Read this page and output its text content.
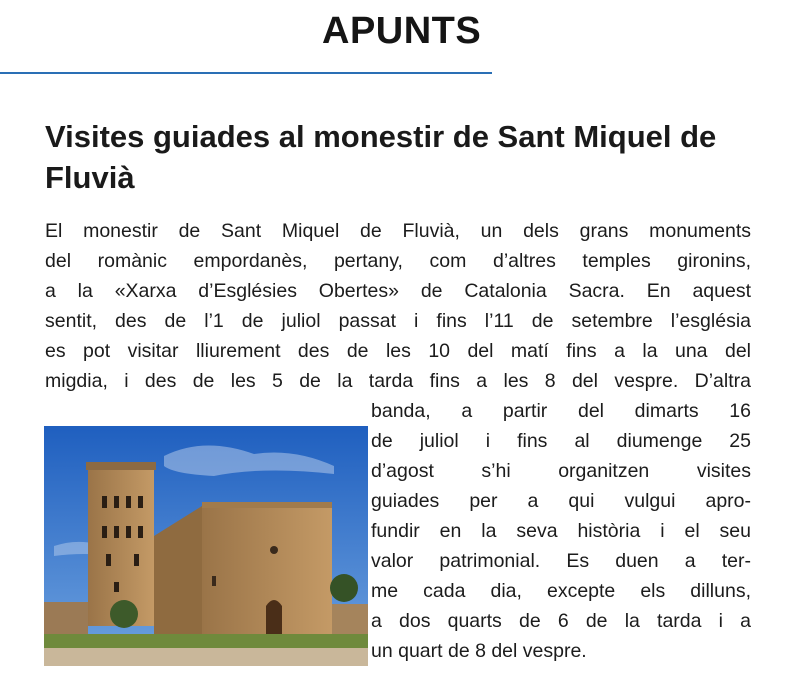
APUNTS
Visites guiades al monestir de Sant Miquel de Fluvià

El monestir de Sant Miquel de Fluvià, un dels grans monuments

del romànic empordanès, pertany, com d’altres temples gironins,

a la «Xarxa d’Esglésies Obertes» de Catalonia Sacra. En aquest

sentit, des de l’1 de juliol passat i fins l’11 de setembre l’església

es pot visitar lliurement des de les 10 del matí fins a la una del

migdia, i des de les 5 de la tarda fins a les 8 del vespre. D’altra

banda, a partir del dimarts 16

de juliol i fins al diumenge 25

d’agost s’hi organitzen visites

guiades per a qui vulgui apro-

fundir en la seva història i el seu

valor patrimonial. Es duen a ter-

me cada dia, excepte els dilluns,

a dos quarts de 6 de la tarda i a

un quart de 8 del vespre.
